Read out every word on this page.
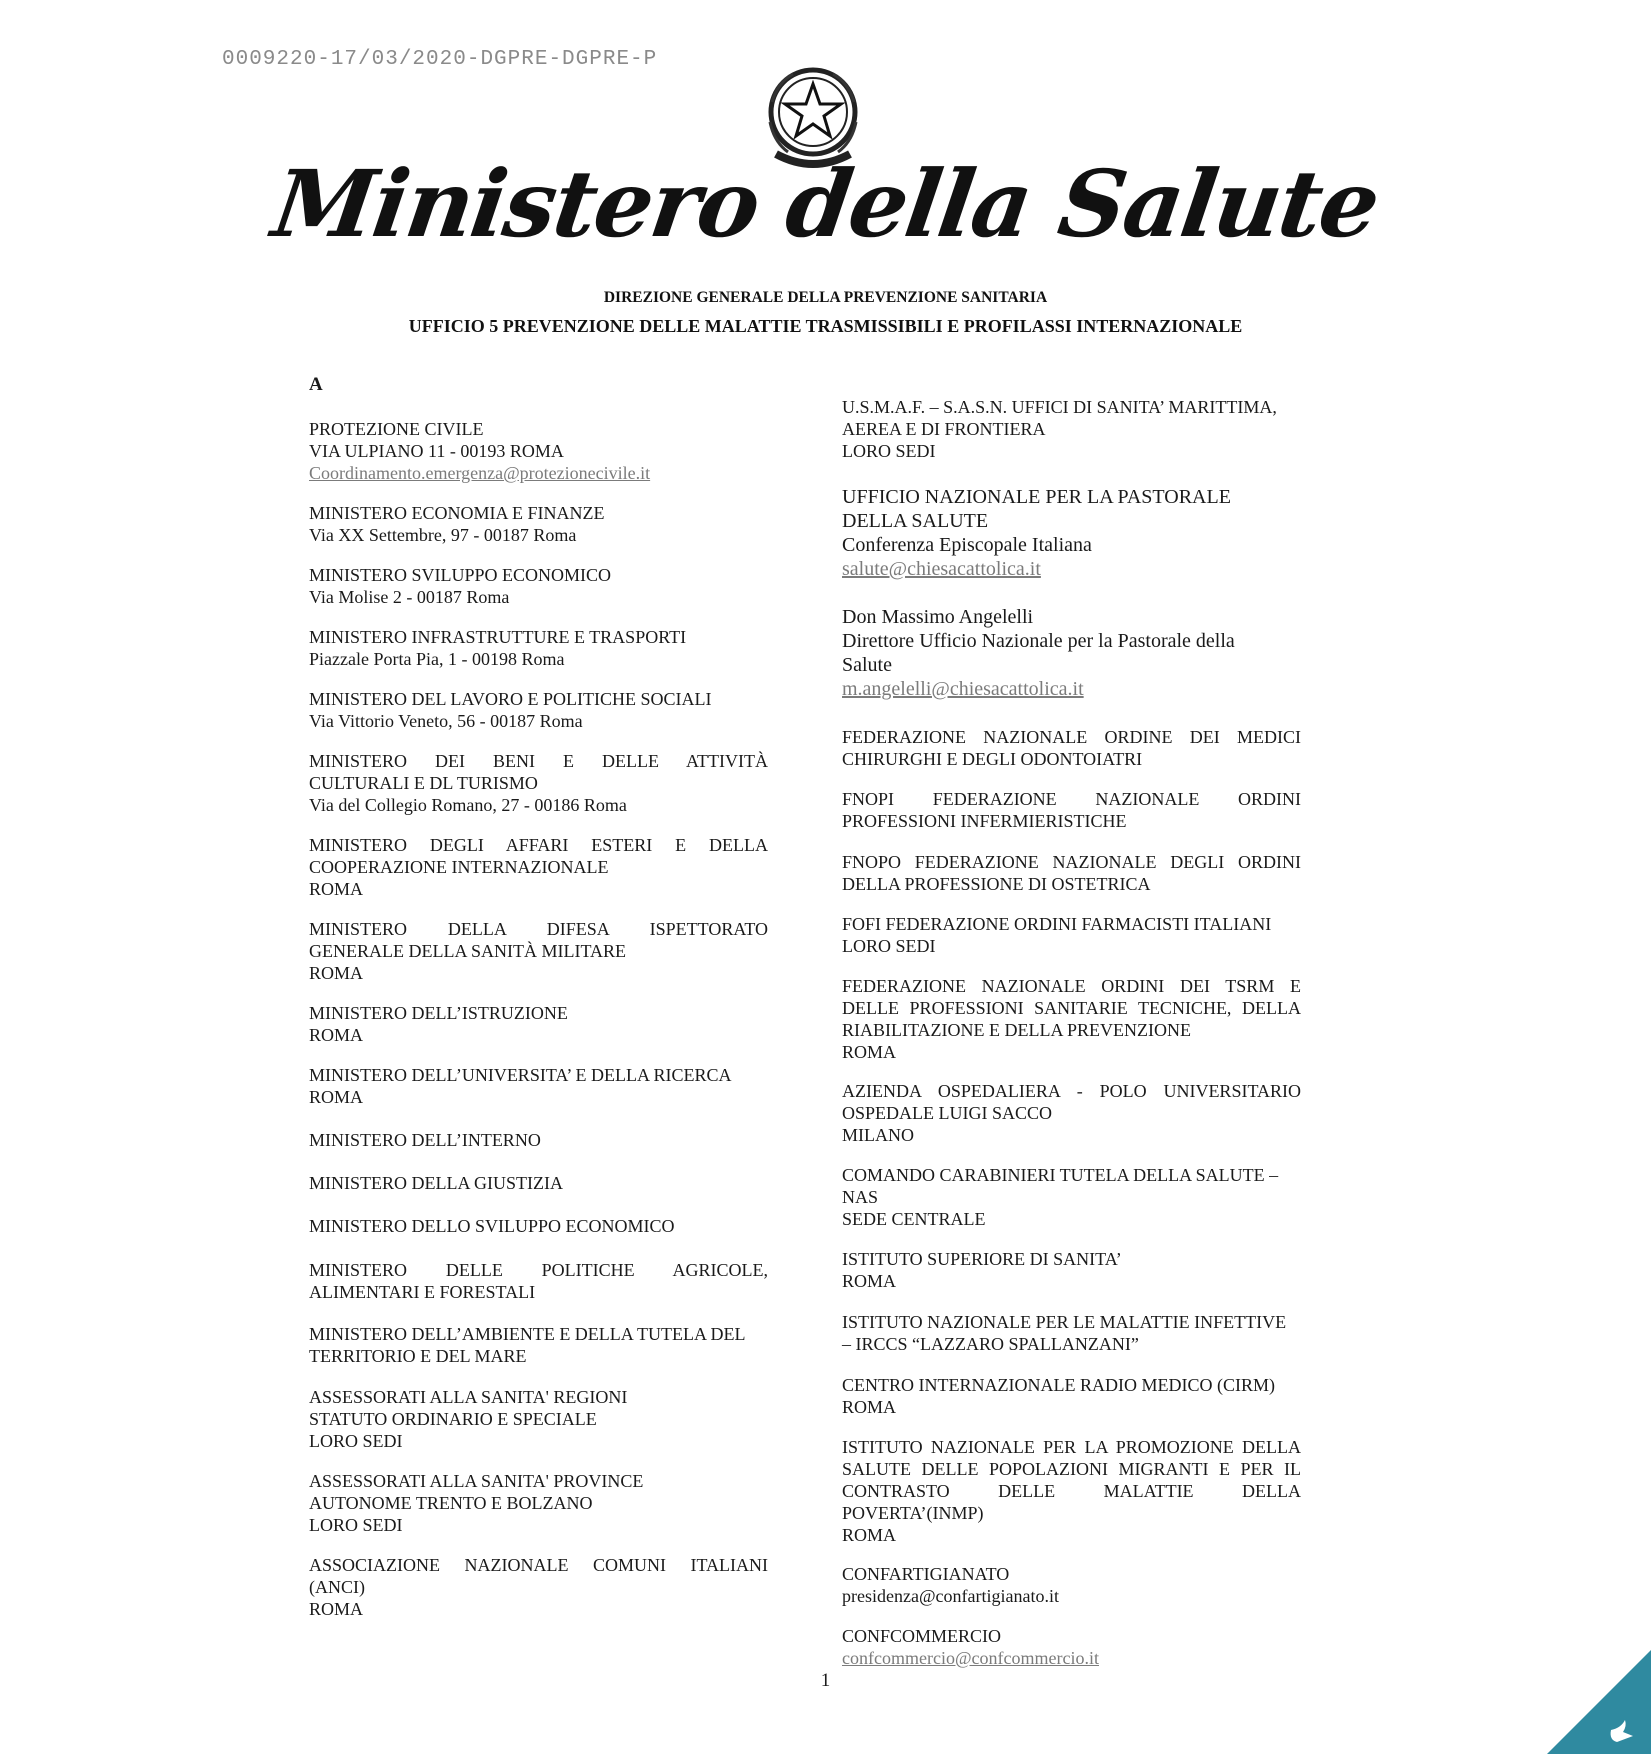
0009220-17/03/2020-DGPRE-DGPRE-P
Ministero della Salute
DIREZIONE GENERALE DELLA PREVENZIONE SANITARIA
UFFICIO 5 PREVENZIONE DELLE MALATTIE TRASMISSIBILI E PROFILASSI INTERNAZIONALE
A
PROTEZIONE CIVILE
VIA ULPIANO 11 - 00193 ROMA
Coordinamento.emergenza@protezionecivile.it
MINISTERO ECONOMIA E FINANZE
Via XX Settembre, 97 - 00187 Roma
MINISTERO SVILUPPO ECONOMICO
Via Molise 2 - 00187 Roma
MINISTERO INFRASTRUTTURE E TRASPORTI
Piazzale Porta Pia, 1 - 00198 Roma
MINISTERO DEL LAVORO E POLITICHE SOCIALI
Via Vittorio Veneto, 56 - 00187 Roma
MINISTERO DEI BENI E DELLE ATTIVITÀ
CULTURALI E DL TURISMO
Via del Collegio Romano, 27 - 00186 Roma
MINISTERO DEGLI AFFARI ESTERI E DELLA
COOPERAZIONE INTERNAZIONALE
ROMA
MINISTERO DELLA DIFESA ISPETTORATO
GENERALE DELLA SANITÀ MILITARE
ROMA
MINISTERO DELL’ISTRUZIONE
ROMA
MINISTERO DELL’UNIVERSITA’ E DELLA RICERCA
ROMA
MINISTERO DELL’INTERNO
MINISTERO DELLA GIUSTIZIA
MINISTERO DELLO SVILUPPO ECONOMICO
MINISTERO DELLE POLITICHE AGRICOLE,
ALIMENTARI E FORESTALI
MINISTERO DELL’AMBIENTE E DELLA TUTELA DEL
TERRITORIO E DEL MARE
ASSESSORATI ALLA SANITA' REGIONI
STATUTO ORDINARIO E SPECIALE
LORO SEDI
ASSESSORATI ALLA SANITA' PROVINCE
AUTONOME TRENTO E BOLZANO
LORO SEDI
ASSOCIAZIONE NAZIONALE COMUNI ITALIANI
(ANCI)
ROMA
U.S.M.A.F. – S.A.S.N. UFFICI DI SANITA’ MARITTIMA,
AEREA E DI FRONTIERA
LORO SEDI
UFFICIO NAZIONALE PER LA PASTORALE
DELLA SALUTE
Conferenza Episcopale Italiana
salute@chiesacattolica.it
Don Massimo Angelelli
Direttore Ufficio Nazionale per la Pastorale della
Salute
m.angelelli@chiesacattolica.it
FEDERAZIONE NAZIONALE ORDINE DEI MEDICI
CHIRURGHI E DEGLI ODONTOIATRI
FNOPI FEDERAZIONE NAZIONALE ORDINI
PROFESSIONI INFERMIERISTICHE
FNOPO FEDERAZIONE NAZIONALE DEGLI ORDINI
DELLA PROFESSIONE DI OSTETRICA
FOFI FEDERAZIONE ORDINI FARMACISTI ITALIANI
LORO SEDI
FEDERAZIONE NAZIONALE ORDINI DEI TSRM E
DELLE PROFESSIONI SANITARIE TECNICHE, DELLA
RIABILITAZIONE E DELLA PREVENZIONE
ROMA
AZIENDA OSPEDALIERA - POLO UNIVERSITARIO
OSPEDALE LUIGI SACCO
MILANO
COMANDO CARABINIERI TUTELA DELLA SALUTE –
NAS
SEDE CENTRALE
ISTITUTO SUPERIORE DI SANITA’
ROMA
ISTITUTO NAZIONALE PER LE MALATTIE INFETTIVE
– IRCCS “LAZZARO SPALLANZANI”
CENTRO INTERNAZIONALE RADIO MEDICO (CIRM)
ROMA
ISTITUTO NAZIONALE PER LA PROMOZIONE DELLA
SALUTE DELLE POPOLAZIONI MIGRANTI E PER IL
CONTRASTO DELLE MALATTIE DELLA
POVERTA’(INMP)
ROMA
CONFARTIGIANATO
presidenza@confartigianato.it
CONFCOMMERCIO
confcommercio@confcommercio.it
1
